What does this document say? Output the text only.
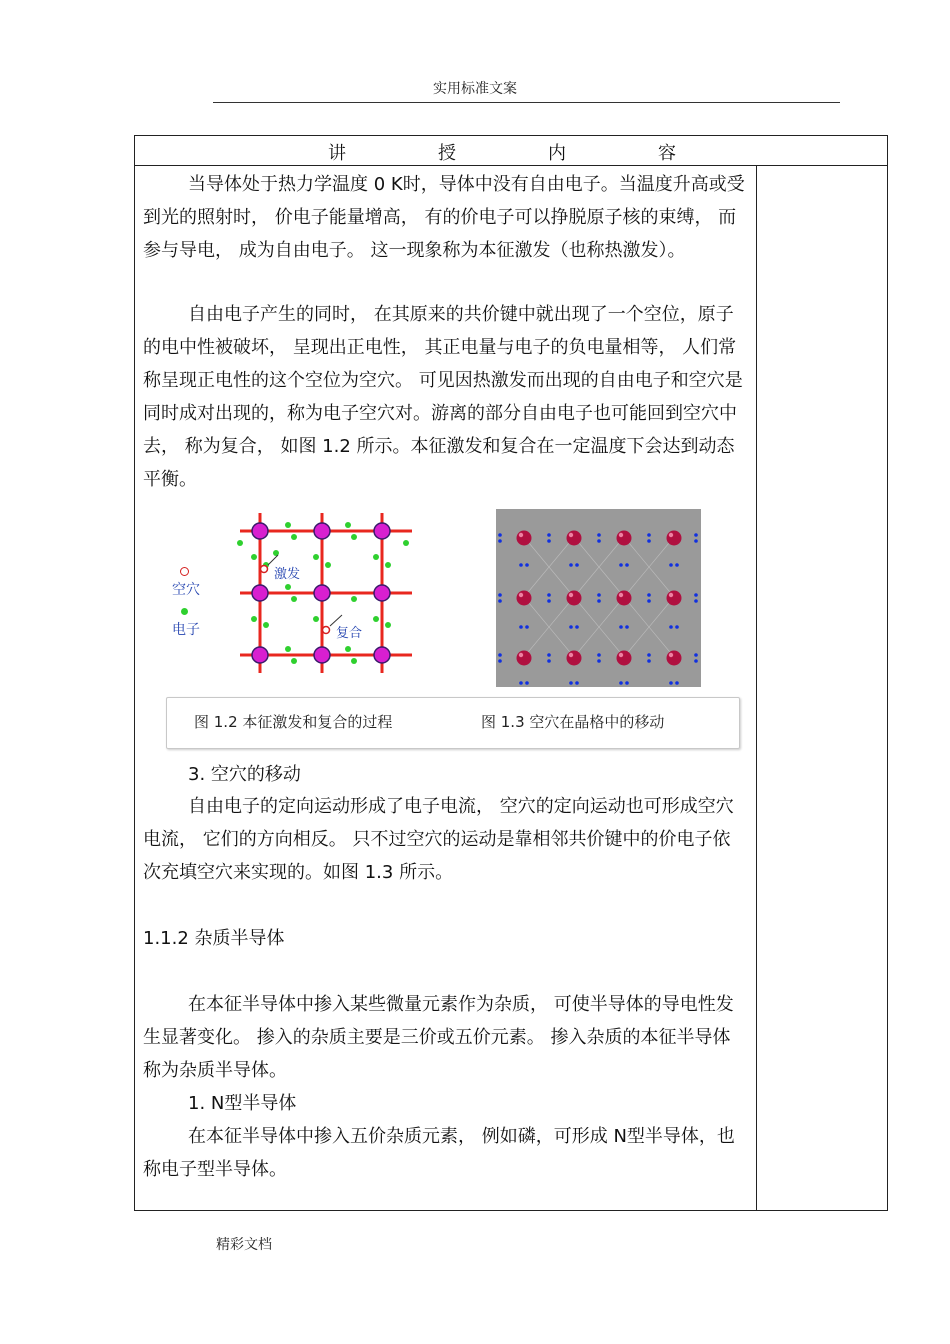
实用标准文案
讲	授	内	容
当导体处于热力学温度 0 K时，导体中没有自由电子。当温度升高或受到光的照射时， 价电子能量增高， 有的价电子可以挣脱原子核的束缚， 而参与导电， 成为自由电子。 这一现象称为本征激发（也称热激发）。
自由电子产生的同时， 在其原来的共价键中就出现了一个空位，原子的电中性被破坏， 呈现出正电性， 其正电量与电子的负电量相等， 人们常称呈现正电性的这个空位为空穴。 可见因热激发而出现的自由电子和空穴是同时成对出现的，称为电子空穴对。游离的部分自由电子也可能回到空穴中去， 称为复合， 如图 1.2 所示。本征激发和复合在一定温度下会达到动态平衡。
空穴
电子
激发
复合
图 1.2 本征激发和复合的过程	图 1.3 空穴在晶格中的移动
3. 空穴的移动
自由电子的定向运动形成了电子电流， 空穴的定向运动也可形成空穴电流， 它们的方向相反。 只不过空穴的运动是靠相邻共价键中的价电子依次充填空穴来实现的。如图 1.3 所示。
1.1.2 杂质半导体
在本征半导体中掺入某些微量元素作为杂质， 可使半导体的导电性发生显著变化。 掺入的杂质主要是三价或五价元素。 掺入杂质的本征半导体称为杂质半导体。
1. N型半导体
在本征半导体中掺入五价杂质元素， 例如磷，可形成 N型半导体，也称电子型半导体。
精彩文档
